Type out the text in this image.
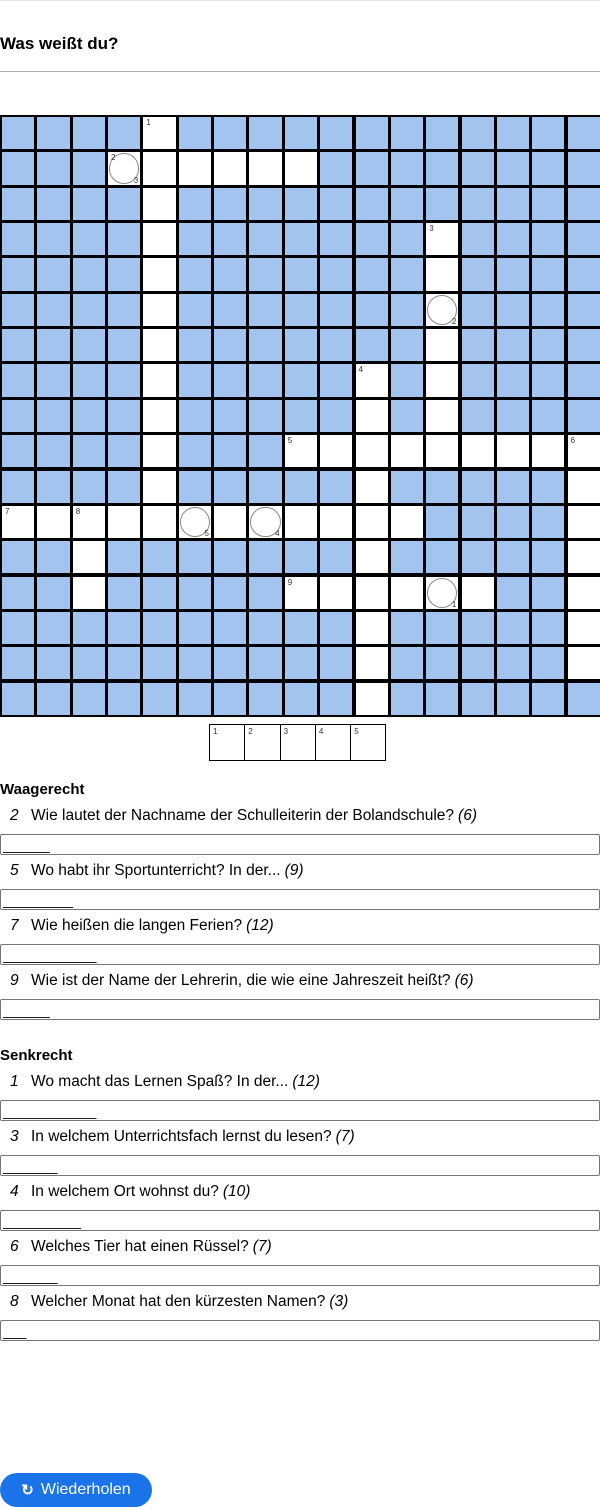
Was weißt du?
1
3
2
3
2
4
5	6
7	8
5	4
9
1
1	2	3	4	5
Waagerecht
2 Wie lautet der Nachname der Schulleiterin der Bolandschule? (6)
______
5 Wo habt ihr Sportunterricht? In der... (9)
_________
7 Wie heißen die langen Ferien? (12)
____________
9 Wie ist der Name der Lehrerin, die wie eine Jahreszeit heißt? (6)
______
Senkrecht
1 Wo macht das Lernen Spaß? In der... (12)
____________
3 In welchem Unterrichtsfach lernst du lesen? (7)
_______
4 In welchem Ort wohnst du? (10)
__________
6 Welches Tier hat einen Rüssel? (7)
_______
8 Welcher Monat hat den kürzesten Namen? (3)
___
↻ Wiederholen
